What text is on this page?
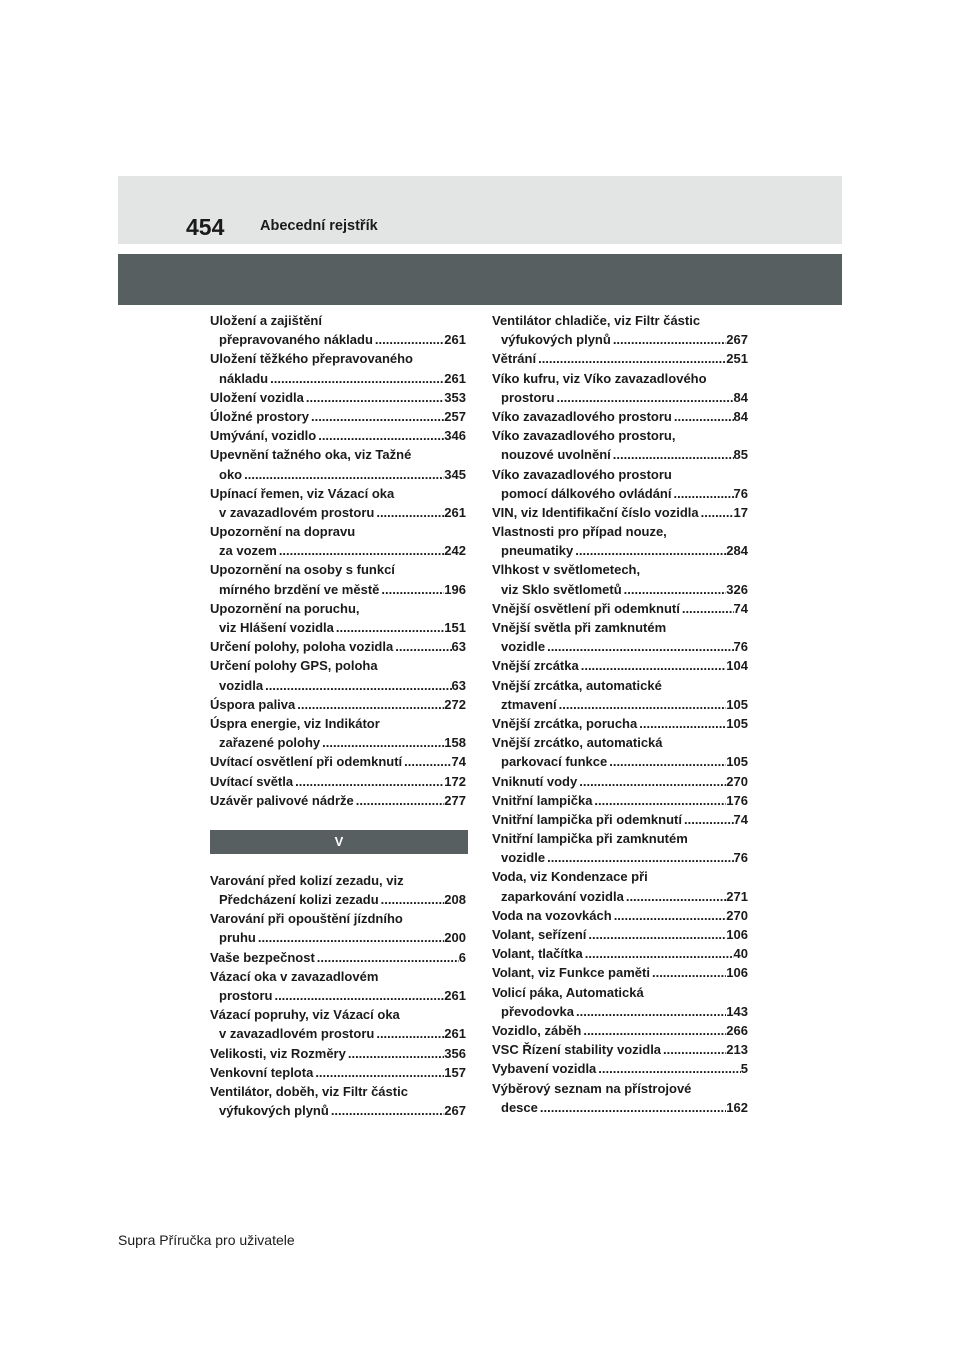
454 Abecední rejstřík
Uložení a zajištění
přepravovaného nákladu .....	261
Uložení těžkého přepravovaného
nákladu .....	261
Uložení vozidla .....	353
Úložné prostory .....	257
Umývání, vozidlo .....	346
Upevnění tažného oka, viz Tažné
oko .....	345
Upínací řemen, viz Vázací oka
v zavazadlovém prostoru .....	261
Upozornění na dopravu
za vozem .....	242
Upozornění na osoby s funkcí
mírného brzdění ve městě .....	196
Upozornění na poruchu,
viz Hlášení vozidla .....	151
Určení polohy, poloha vozidla .....	63
Určení polohy GPS, poloha
vozidla .....	63
Úspora paliva .....	272
Úspra energie, viz Indikátor
zařazené polohy .....	158
Uvítací osvětlení při odemknutí .....	74
Uvítací světla .....	172
Uzávěr palivové nádrže .....	277
V
Varování před kolizí zezadu, viz
Předcházení kolizi zezadu .....	208
Varování při opouštění jízdního
pruhu .....	200
Vaše bezpečnost .....	6
Vázací oka v zavazadlovém
prostoru .....	261
Vázací popruhy, viz Vázací oka
v zavazadlovém prostoru .....	261
Velikosti, viz Rozměry .....	356
Venkovní teplota .....	157
Ventilátor, doběh, viz Filtr částic
výfukových plynů .....	267
Ventilátor chladiče, viz Filtr částic
výfukových plynů .....	267
Větrání .....	251
Víko kufru, viz Víko zavazadlového
prostoru .....	84
Víko zavazadlového prostoru .....	84
Víko zavazadlového prostoru,
nouzové uvolnění .....	85
Víko zavazadlového prostoru
pomocí dálkového ovládání .....	76
VIN, viz Identifikační číslo vozidla .....	17
Vlastnosti pro případ nouze,
pneumatiky .....	284
Vlhkost v světlometech,
viz Sklo světlometů .....	326
Vnější osvětlení při odemknutí .....	74
Vnější světla při zamknutém
vozidle .....	76
Vnější zrcátka .....	104
Vnější zrcátka, automatické
ztmavení .....	105
Vnější zrcátka, porucha .....	105
Vnější zrcátko, automatická
parkovací funkce .....	105
Vniknutí vody .....	270
Vnitřní lampička .....	176
Vnitřní lampička při odemknutí .....	74
Vnitřní lampička při zamknutém
vozidle .....	76
Voda, viz Kondenzace při
zaparkování vozidla .....	271
Voda na vozovkách .....	270
Volant, seřízení .....	106
Volant, tlačítka .....	40
Volant, viz Funkce paměti .....	106
Volicí páka, Automatická
převodovka .....	143
Vozidlo, záběh .....	266
VSC Řízení stability vozidla .....	213
Vybavení vozidla .....	5
Výběrový seznam na přístrojové
desce .....	162
Supra Příručka pro uživatele
